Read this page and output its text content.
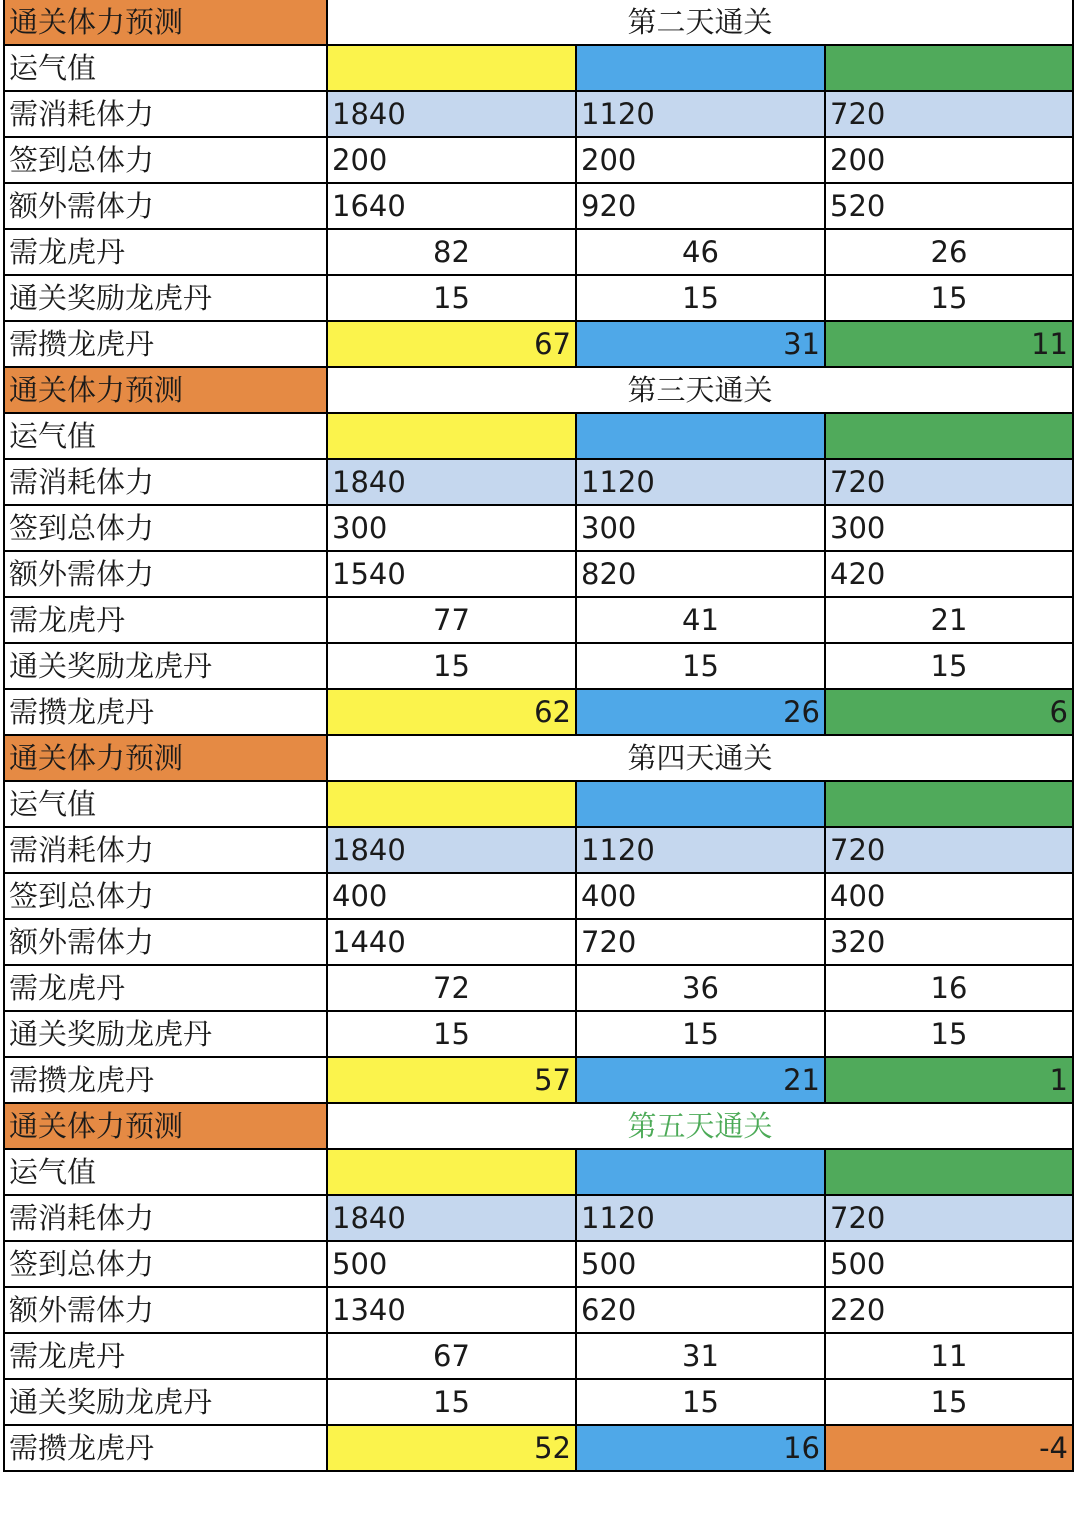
通关体力预测	第二天通关		
运气值			
需消耗体力	1840	1120	720
签到总体力	200	200	200
额外需体力	1640	920	520
需龙虎丹	82	46	26
通关奖励龙虎丹	15	15	15
需攒龙虎丹	67	31	11
通关体力预测	第三天通关		
运气值			
需消耗体力	1840	1120	720
签到总体力	300	300	300
额外需体力	1540	820	420
需龙虎丹	77	41	21
通关奖励龙虎丹	15	15	15
需攒龙虎丹	62	26	6
通关体力预测	第四天通关		
运气值			
需消耗体力	1840	1120	720
签到总体力	400	400	400
额外需体力	1440	720	320
需龙虎丹	72	36	16
通关奖励龙虎丹	15	15	15
需攒龙虎丹	57	21	1
通关体力预测	第五天通关		
运气值			
需消耗体力	1840	1120	720
签到总体力	500	500	500
额外需体力	1340	620	220
需龙虎丹	67	31	11
通关奖励龙虎丹	15	15	15
需攒龙虎丹	52	16	-4
